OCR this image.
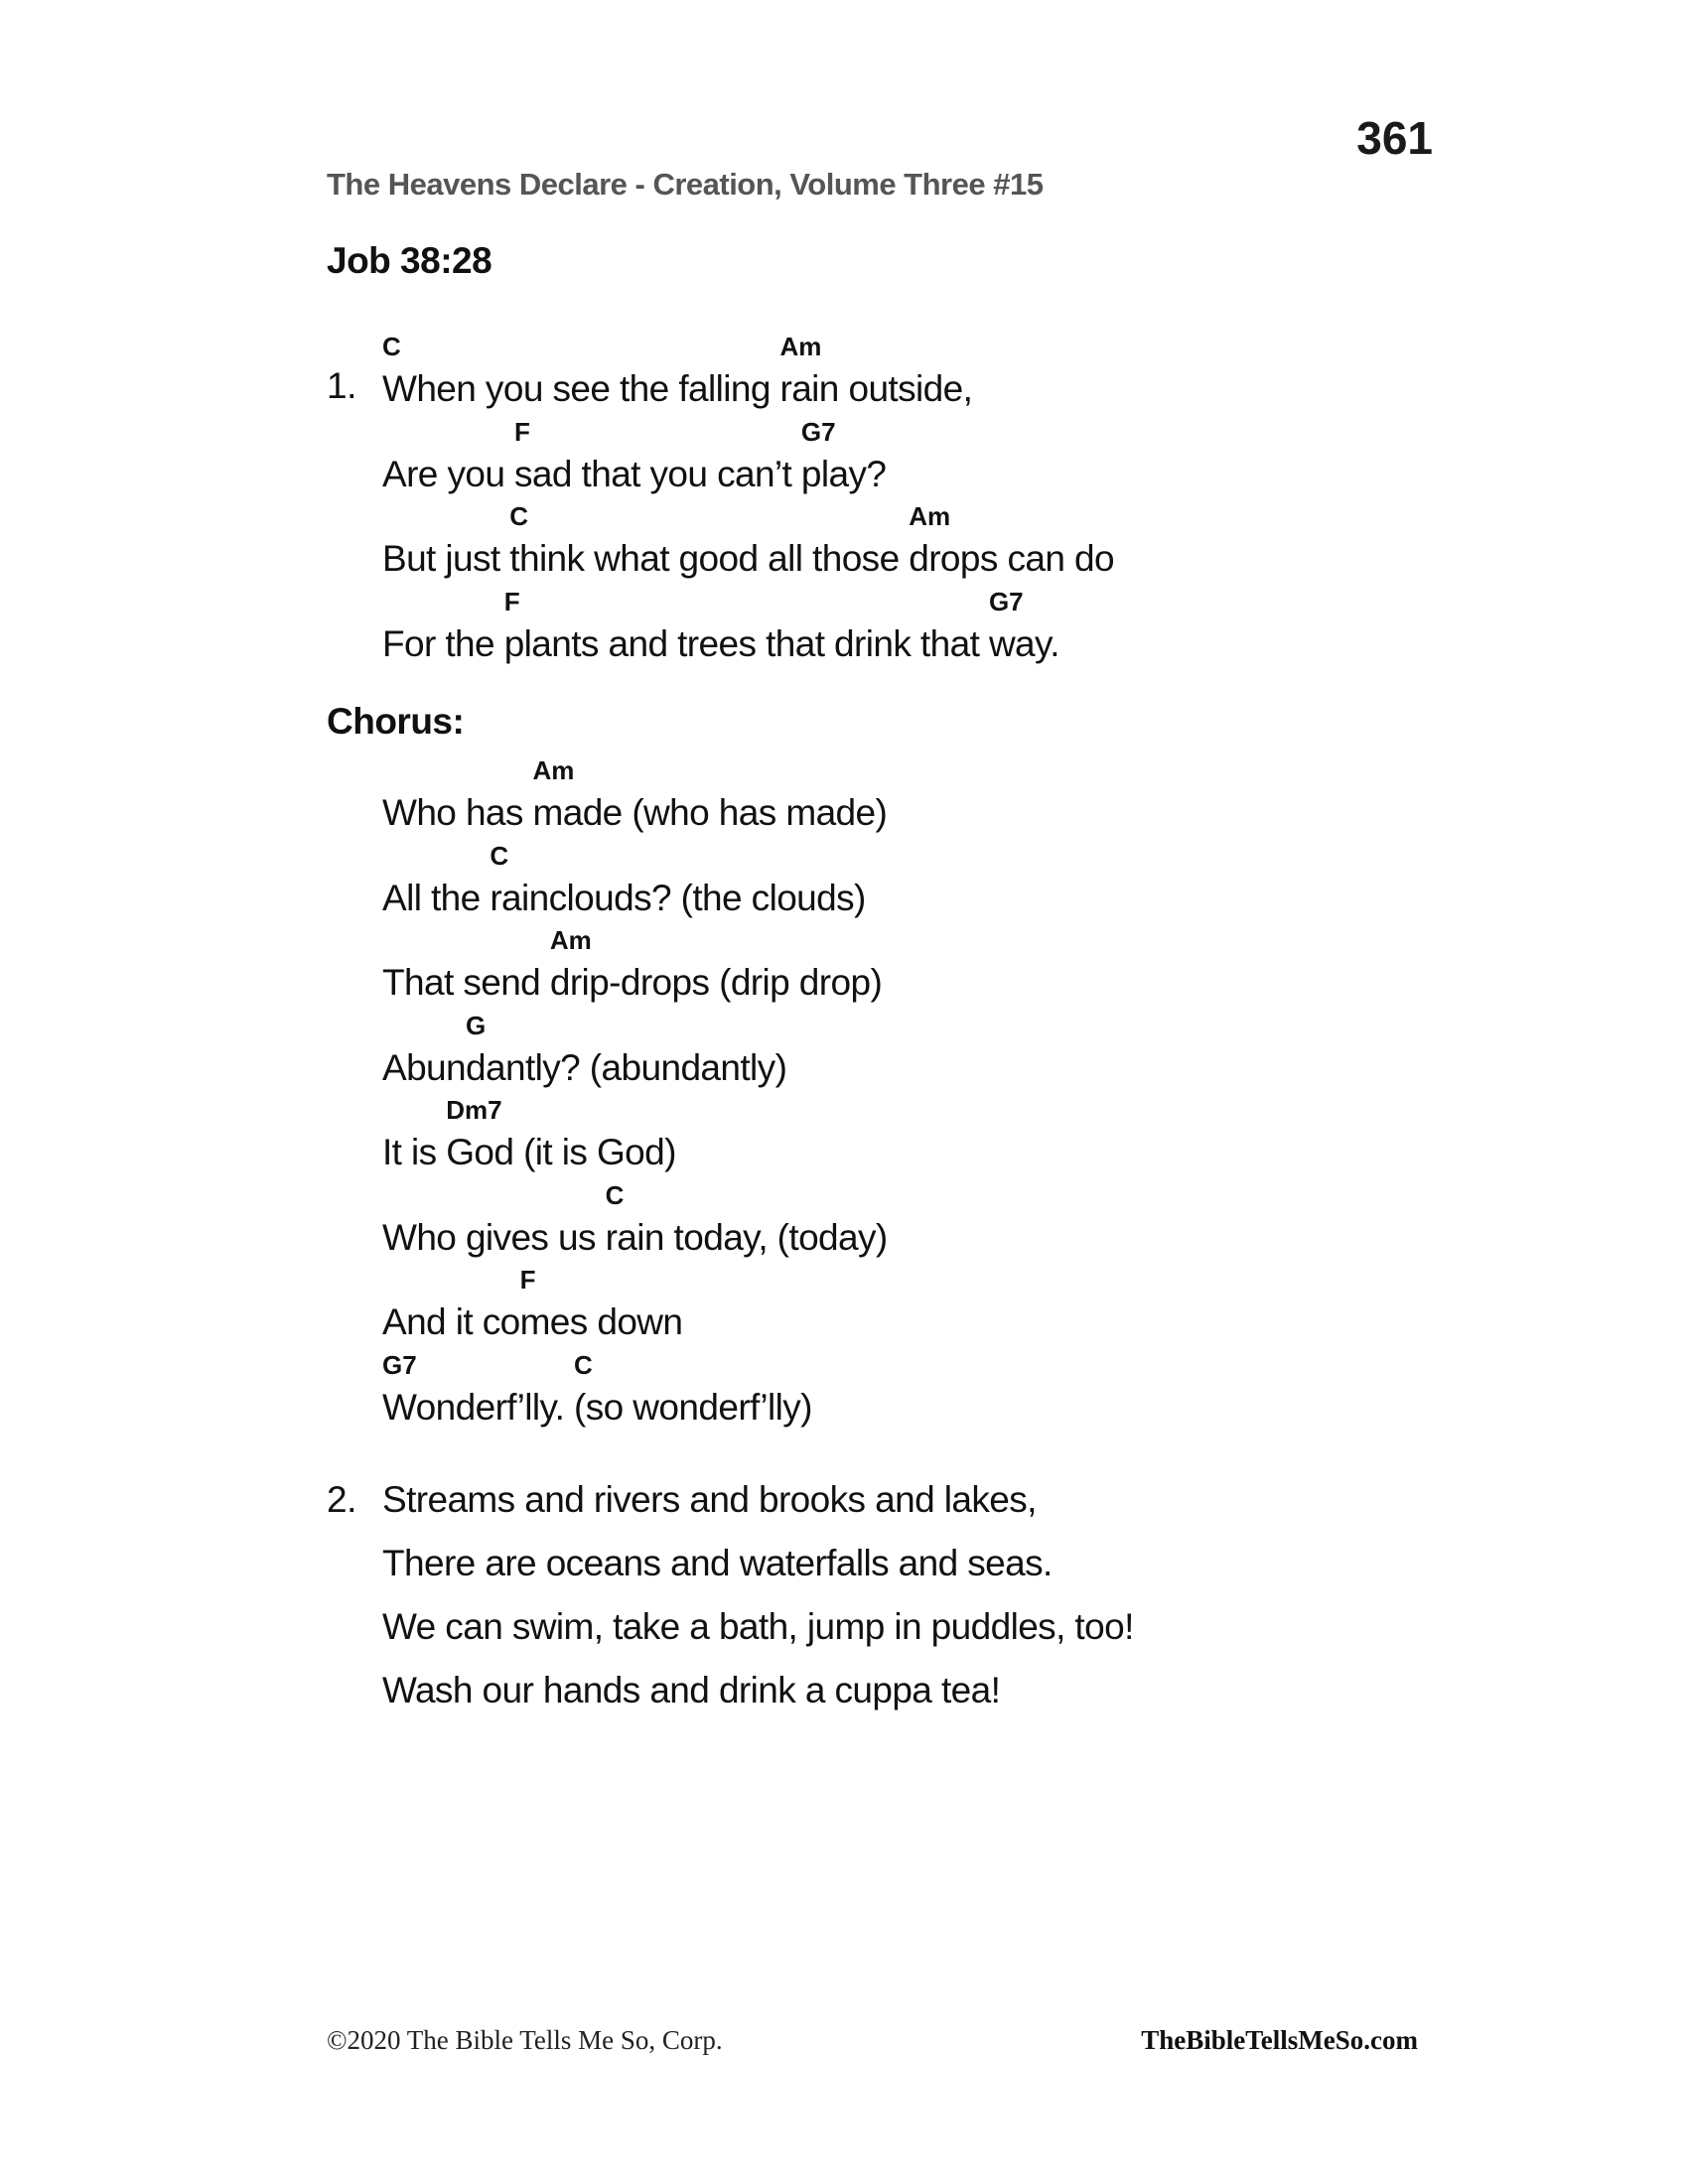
361
The Heavens Declare - Creation, Volume Three #15
Job 38:28
1.
C
When you see the falling
Am
rain outside,
Are you
F
sad that you can’t
G7
play?
But just
C
think what good all those
Am
drops can do
For the
F
plants and trees that drink that
G7
way.
Chorus:
Who has
Am
made (who has made)
All the
C
rainclouds? (the clouds)
That send
Am
drip-drops (drip drop)
Abun
G
dantly? (abundantly)
It is
Dm7
God (it is God)
Who gives us
C
rain today, (today)
And it co
F
mes down
G7
Wonderf’lly.
C
(so wonderf’lly)
2. Streams and rivers and brooks and lakes,
There are oceans and waterfalls and seas.
We can swim, take a bath, jump in puddles, too!
Wash our hands and drink a cuppa tea!
©2020 The Bible Tells Me So, Corp.	TheBibleTellsMeSo.com
